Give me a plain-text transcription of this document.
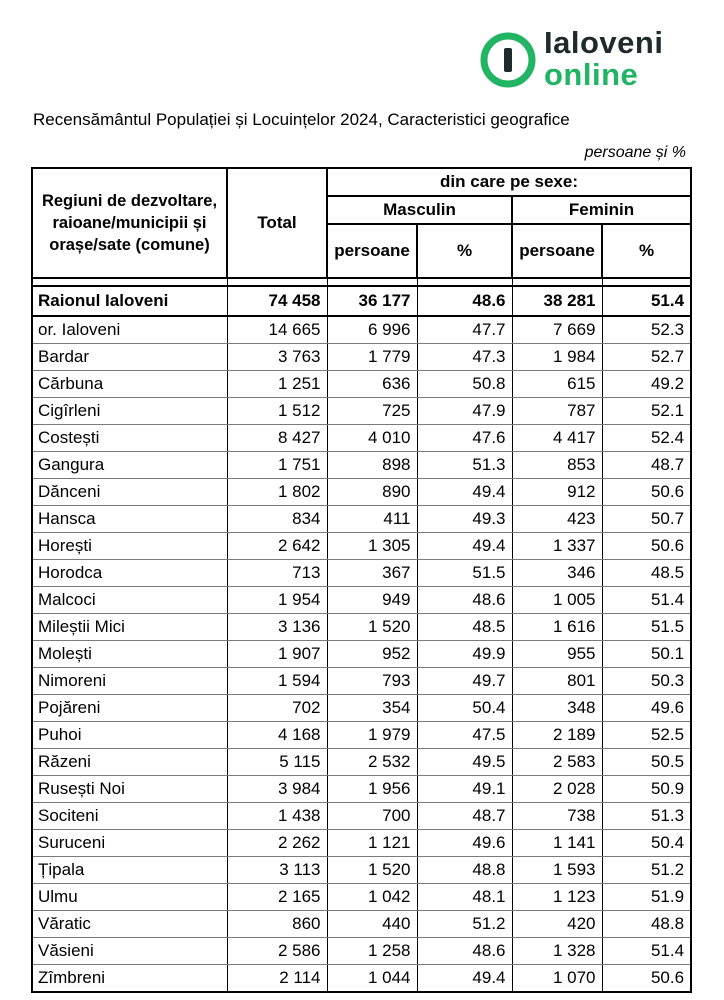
Ialoveni
online
Recensământul Populației și Locuințelor 2024, Caracteristici geografice
persoane și %
Regiuni de dezvoltare, raioane/municipii și orașe/sate (comune)	Total	din care pe sexe:			
		Masculin		Feminin	
		persoane	%	persoane	%

Raionul Ialoveni	74 458	36 177	48.6	38 281	51.4
or. Ialoveni	14 665	6 996	47.7	7 669	52.3
Bardar	3 763	1 779	47.3	1 984	52.7
Cărbuna	1 251	636	50.8	615	49.2
Cigîrleni	1 512	725	47.9	787	52.1
Costești	8 427	4 010	47.6	4 417	52.4
Gangura	1 751	898	51.3	853	48.7
Dănceni	1 802	890	49.4	912	50.6
Hansca	834	411	49.3	423	50.7
Horești	2 642	1 305	49.4	1 337	50.6
Horodca	713	367	51.5	346	48.5
Malcoci	1 954	949	48.6	1 005	51.4
Mileștii Mici	3 136	1 520	48.5	1 616	51.5
Molești	1 907	952	49.9	955	50.1
Nimoreni	1 594	793	49.7	801	50.3
Pojăreni	702	354	50.4	348	49.6
Puhoi	4 168	1 979	47.5	2 189	52.5
Răzeni	5 115	2 532	49.5	2 583	50.5
Rusești Noi	3 984	1 956	49.1	2 028	50.9
Sociteni	1 438	700	48.7	738	51.3
Suruceni	2 262	1 121	49.6	1 141	50.4
Țipala	3 113	1 520	48.8	1 593	51.2
Ulmu	2 165	1 042	48.1	1 123	51.9
Văratic	860	440	51.2	420	48.8
Văsieni	2 586	1 258	48.6	1 328	51.4
Zîmbreni	2 114	1 044	49.4	1 070	50.6
